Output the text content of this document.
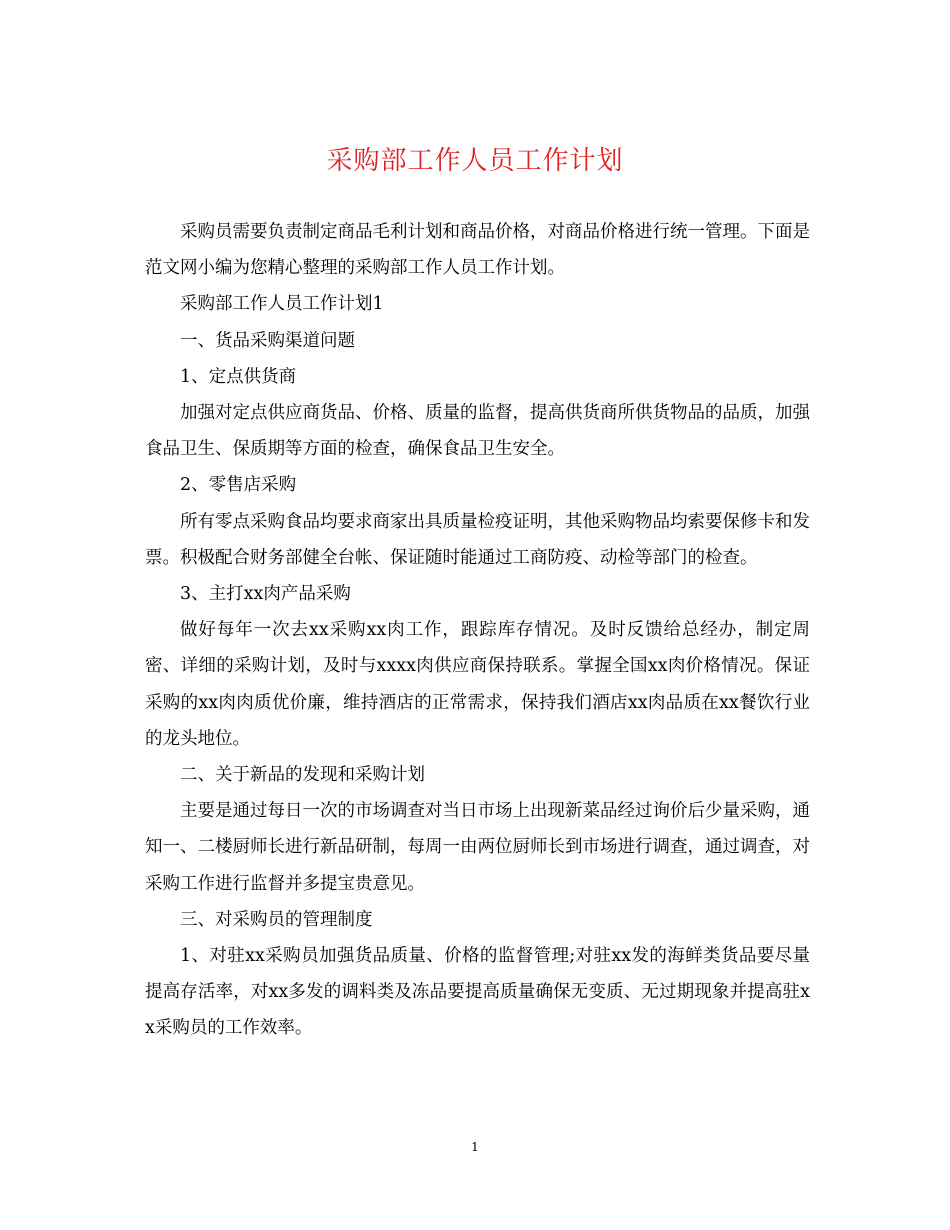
采购部工作人员工作计划

采购员需要负责制定商品毛利计划和商品价格，对商品价格进行统一管理。下面是范文网小编为您精心整理的采购部工作人员工作计划。

采购部工作人员工作计划1

一、货品采购渠道问题

1、定点供货商

加强对定点供应商货品、价格、质量的监督，提高供货商所供货物品的品质，加强食品卫生、保质期等方面的检查，确保食品卫生安全。

2、零售店采购

所有零点采购食品均要求商家出具质量检疫证明，其他采购物品均索要保修卡和发票。积极配合财务部健全台帐、保证随时能通过工商防疫、动检等部门的检查。

3、主打xx肉产品采购

做好每年一次去xx采购xx肉工作，跟踪库存情况。及时反馈给总经办，制定周密、详细的采购计划，及时与xxxx肉供应商保持联系。掌握全国xx肉价格情况。保证采购的xx肉肉质优价廉，维持酒店的正常需求，保持我们酒店xx肉品质在xx餐饮行业的龙头地位。

二、关于新品的发现和采购计划

主要是通过每日一次的市场调查对当日市场上出现新菜品经过询价后少量采购，通知一、二楼厨师长进行新品研制，每周一由两位厨师长到市场进行调查，通过调查，对采购工作进行监督并多提宝贵意见。

三、对采购员的管理制度

1、对驻xx采购员加强货品质量、价格的监督管理;对驻xx发的海鲜类货品要尽量提高存活率，对xx多发的调料类及冻品要提高质量确保无变质、无过期现象并提高驻xx采购员的工作效率。

1
